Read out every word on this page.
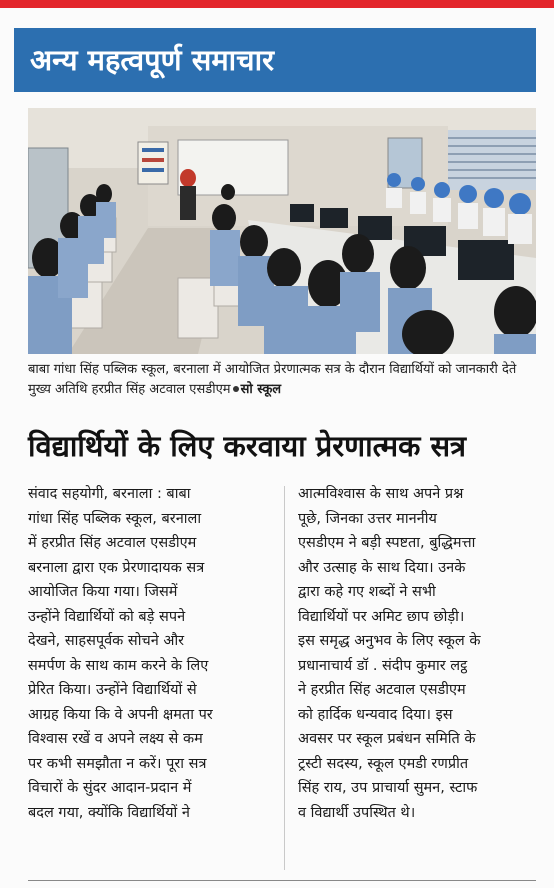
अन्य महत्वपूर्ण समाचार
बाबा गांधा सिंह पब्लिक स्कूल, बरनाला में आयोजित प्रेरणात्मक सत्र के दौरान विद्यार्थियों को जानकारी देते मुख्य अतिथि हरप्रीत सिंह अटवाल एसडीएम सो स्कूल
विद्यार्थियों के लिए करवाया प्रेरणात्मक सत्र
संवाद सहयोगी, बरनाला : बाबा
गांधा सिंह पब्लिक स्कूल, बरनाला
में हरप्रीत सिंह अटवाल एसडीएम
बरनाला द्वारा एक प्रेरणादायक सत्र
आयोजित किया गया। जिसमें
उन्होंने विद्यार्थियों को बड़े सपने
देखने, साहसपूर्वक सोचने और
समर्पण के साथ काम करने के लिए
प्रेरित किया। उन्होंने विद्यार्थियों से
आग्रह किया कि वे अपनी क्षमता पर
विश्वास रखें व अपने लक्ष्य से कम
पर कभी समझौता न करें। पूरा सत्र
विचारों के सुंदर आदान-प्रदान में
बदल गया, क्योंकि विद्यार्थियों ने
आत्मविश्वास के साथ अपने प्रश्न
पूछे, जिनका उत्तर माननीय
एसडीएम ने बड़ी स्पष्टता, बुद्धिमत्ता
और उत्साह के साथ दिया। उनके
द्वारा कहे गए शब्दों ने सभी
विद्यार्थियों पर अमिट छाप छोड़ी।
इस समृद्ध अनुभव के लिए स्कूल के
प्रधानाचार्य डॉ . संदीप कुमार लट्ठ
ने हरप्रीत सिंह अटवाल एसडीएम
को हार्दिक धन्यवाद दिया। इस
अवसर पर स्कूल प्रबंधन समिति के
ट्रस्टी सदस्य, स्कूल एमडी रणप्रीत
सिंह राय, उप प्राचार्या सुमन, स्टाफ
व विद्यार्थी उपस्थित थे।
